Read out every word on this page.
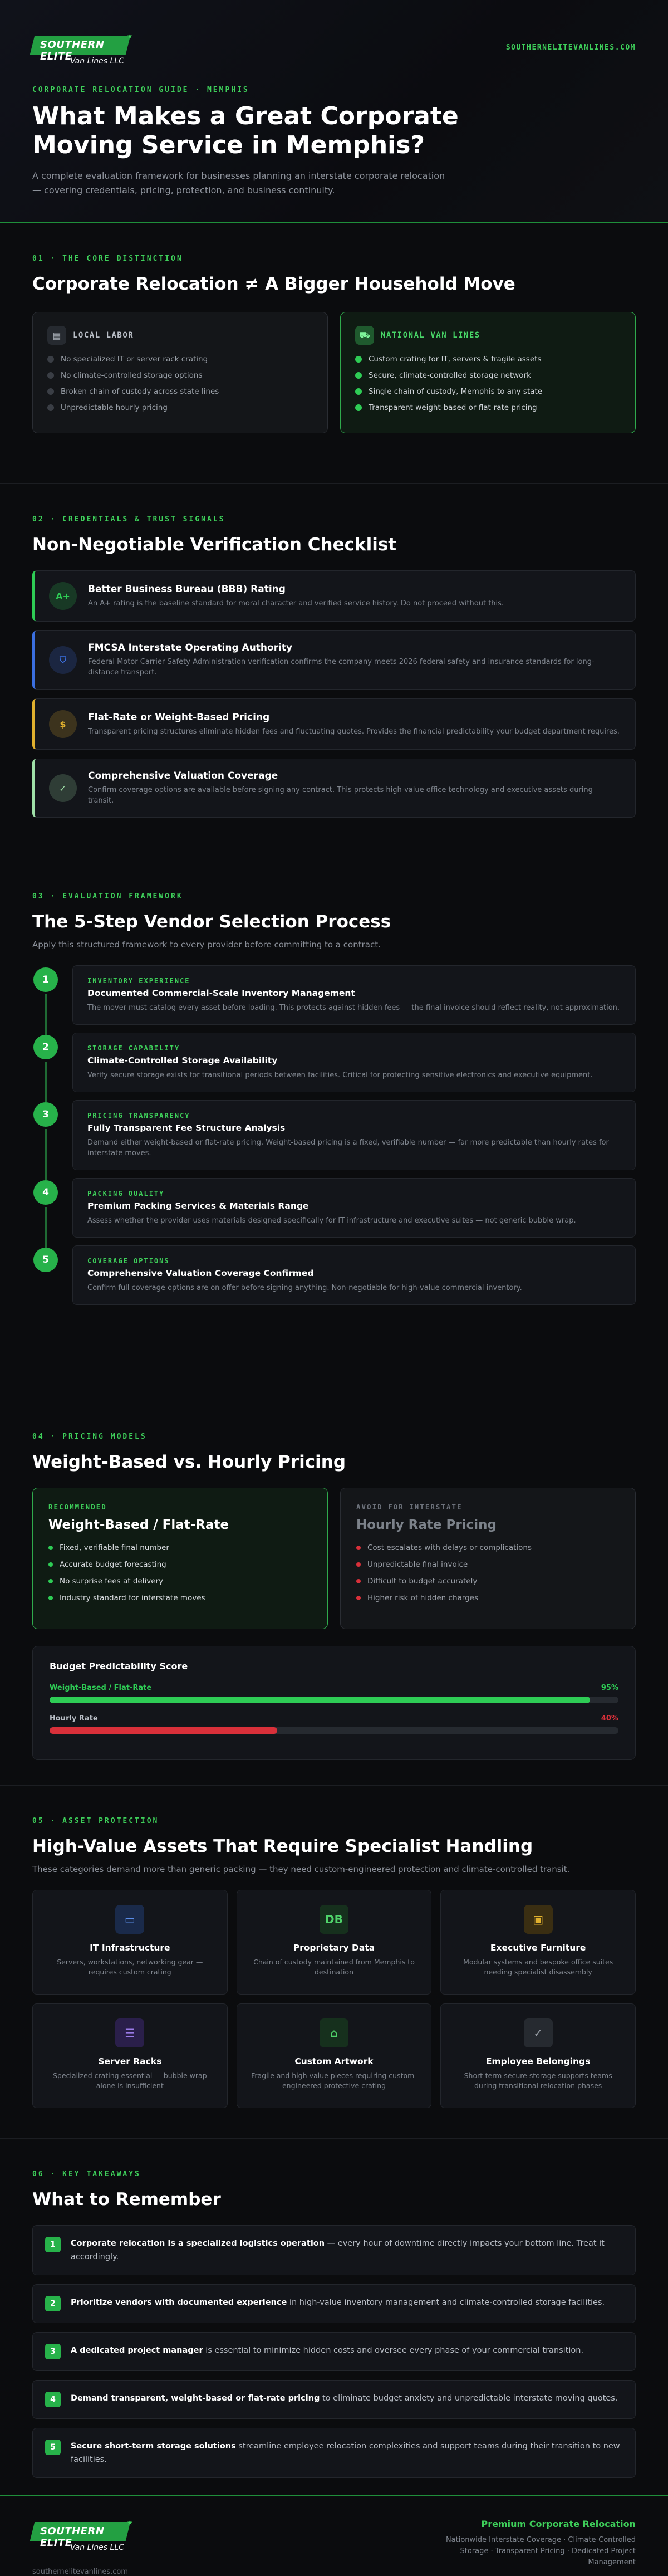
SOUTHERN ELITE
Van Lines LLC
★
SOUTHERNELITEVANLINES.COM
CORPORATE RELOCATION GUIDE · MEMPHIS
What Makes a Great Corporate Moving Service in Memphis?

A complete evaluation framework for businesses planning an interstate corporate relocation — covering credentials, pricing, protection, and business continuity.

01 · THE CORE DISTINCTION
Corporate Relocation ≠ A Bigger Household Move
▤	LOCAL LABOR
No specialized IT or server rack crating
No climate-controlled storage options
Broken chain of custody across state lines
Unpredictable hourly pricing
⛟	NATIONAL VAN LINES
Custom crating for IT, servers & fragile assets
Secure, climate-controlled storage network
Single chain of custody, Memphis to any state
Transparent weight-based or flat-rate pricing
02 · CREDENTIALS & TRUST SIGNALS
Non-Negotiable Verification Checklist
A+
Better Business Bureau (BBB) Rating
An A+ rating is the baseline standard for moral character and verified service history. Do not proceed without this.
⛉
FMCSA Interstate Operating Authority
Federal Motor Carrier Safety Administration verification confirms the company meets 2026 federal safety and insurance standards for long-distance transport.
$
Flat-Rate or Weight-Based Pricing
Transparent pricing structures eliminate hidden fees and fluctuating quotes. Provides the financial predictability your budget department requires.
✓
Comprehensive Valuation Coverage
Confirm coverage options are available before signing any contract. This protects high-value office technology and executive assets during transit.
03 · EVALUATION FRAMEWORK
The 5-Step Vendor Selection Process
Apply this structured framework to every provider before committing to a contract.
1	INVENTORY EXPERIENCE
Documented Commercial-Scale Inventory Management
The mover must catalog every asset before loading. This protects against hidden fees — the final invoice should reflect reality, not approximation.
2	STORAGE CAPABILITY
Climate-Controlled Storage Availability
Verify secure storage exists for transitional periods between facilities. Critical for protecting sensitive electronics and executive equipment.
3	PRICING TRANSPARENCY
Fully Transparent Fee Structure Analysis
Demand either weight-based or flat-rate pricing. Weight-based pricing is a fixed, verifiable number — far more predictable than hourly rates for interstate moves.
4	PACKING QUALITY
Premium Packing Services & Materials Range
Assess whether the provider uses materials designed specifically for IT infrastructure and executive suites — not generic bubble wrap.
5	COVERAGE OPTIONS
Comprehensive Valuation Coverage Confirmed
Confirm full coverage options are on offer before signing anything. Non-negotiable for high-value commercial inventory.
04 · PRICING MODELS
Weight-Based vs. Hourly Pricing
RECOMMENDED
Weight-Based / Flat-Rate
Fixed, verifiable final number
Accurate budget forecasting
No surprise fees at delivery
Industry standard for interstate moves
AVOID FOR INTERSTATE
Hourly Rate Pricing
Cost escalates with delays or complications
Unpredictable final invoice
Difficult to budget accurately
Higher risk of hidden charges
Budget Predictability Score
Weight-Based / Flat-Rate	95%
Hourly Rate	40%
05 · ASSET PROTECTION
High-Value Assets That Require Specialist Handling
These categories demand more than generic packing — they need custom-engineered protection and climate-controlled transit.
▭
IT Infrastructure
Servers, workstations, networking gear — requires custom crating
DB
Proprietary Data
Chain of custody maintained from Memphis to destination
▣
Executive Furniture
Modular systems and bespoke office suites needing specialist disassembly
☰
Server Racks
Specialized crating essential — bubble wrap alone is insufficient
⌂
Custom Artwork
Fragile and high-value pieces requiring custom-engineered protective crating
✓
Employee Belongings
Short-term secure storage supports teams during transitional relocation phases
06 · KEY TAKEAWAYS
What to Remember
1	Corporate relocation is a specialized logistics operation — every hour of downtime directly impacts your bottom line. Treat it accordingly.
2	Prioritize vendors with documented experience in high-value inventory management and climate-controlled storage facilities.
3	A dedicated project manager is essential to minimize hidden costs and oversee every phase of your commercial transition.
4	Demand transparent, weight-based or flat-rate pricing to eliminate budget anxiety and unpredictable interstate moving quotes.
5	Secure short-term storage solutions streamline employee relocation complexities and support teams during their transition to new facilities.
SOUTHERN ELITE
Van Lines LLC
★
southernelitevanlines.com
Premium Corporate Relocation
Nationwide Interstate Coverage · Climate-Controlled Storage · Transparent Pricing · Dedicated Project Management
